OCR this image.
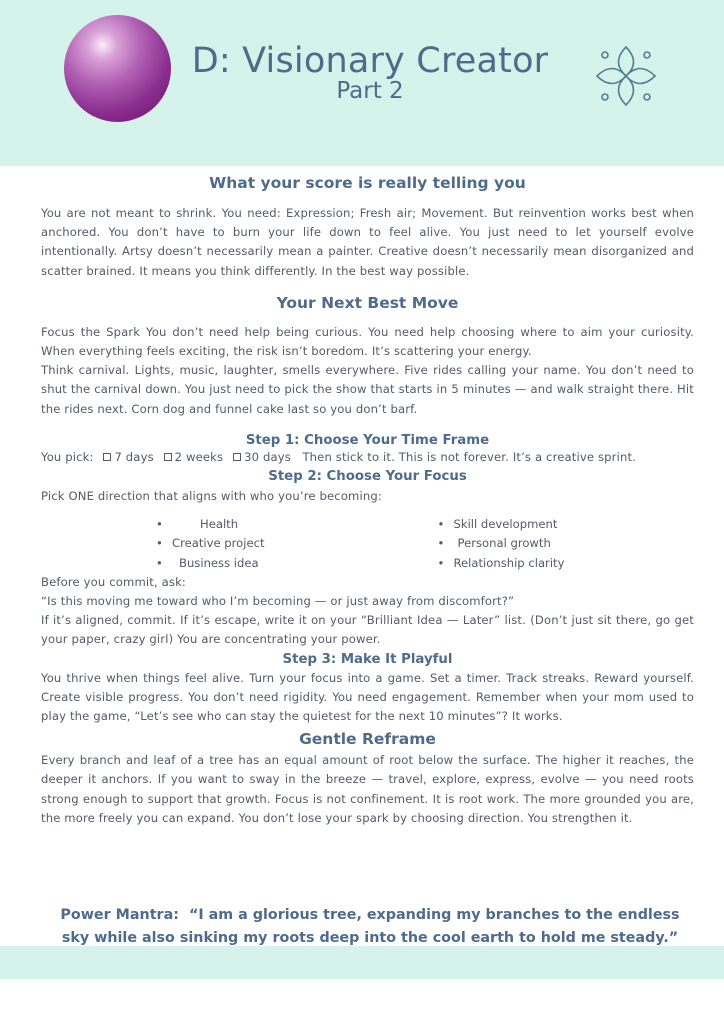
D: Visionary Creator
Part 2
What your score is really telling you

You are not meant to shrink. You need: Expression; Fresh air; Movement. But reinvention works best when anchored. You don’t have to burn your life down to feel alive. You just need to let yourself evolve intentionally. Artsy doesn’t necessarily mean a painter. Creative doesn’t necessarily mean disorganized and scatter brained. It means you think differently. In the best way possible.

Your Next Best Move

Focus the Spark You don’t need help being curious. You need help choosing where to aim your curiosity. When everything feels exciting, the risk isn’t boredom. It’s scattering your energy.

Think carnival. Lights, music, laughter, smells everywhere. Five rides calling your name. You don’t need to shut the carnival down. You just need to pick the show that starts in 5 minutes — and walk straight there. Hit the rides next. Corn dog and funnel cake last so you don’t barf.

Step 1: Choose Your Time Frame

You pick: 7 days 2 weeks 30 days Then stick to it. This is not forever. It’s a creative sprint.

Step 2: Choose Your Focus

Pick ONE direction that aligns with who you’re becoming:

•	Health
• Creative project
• Business idea
• Skill development
• Personal growth
• Relationship clarity

Before you commit, ask:

“Is this moving me toward who I’m becoming — or just away from discomfort?”

If it’s aligned, commit. If it’s escape, write it on your “Brilliant Idea — Later” list. (Don’t just sit there, go get your paper, crazy girl) You are concentrating your power.

Step 3: Make It Playful

You thrive when things feel alive. Turn your focus into a game. Set a timer. Track streaks. Reward yourself. Create visible progress. You don’t need rigidity. You need engagement. Remember when your mom used to play the game, “Let’s see who can stay the quietest for the next 10 minutes”? It works.

Gentle Reframe

Every branch and leaf of a tree has an equal amount of root below the surface. The higher it reaches, the deeper it anchors. If you want to sway in the breeze — travel, explore, express, evolve — you need roots strong enough to support that growth. Focus is not confinement. It is root work. The more grounded you are, the more freely you can expand. You don’t lose your spark by choosing direction. You strengthen it.

Power Mantra: “I am a glorious tree, expanding my branches to the endless sky while also sinking my roots deep into the cool earth to hold me steady.”
